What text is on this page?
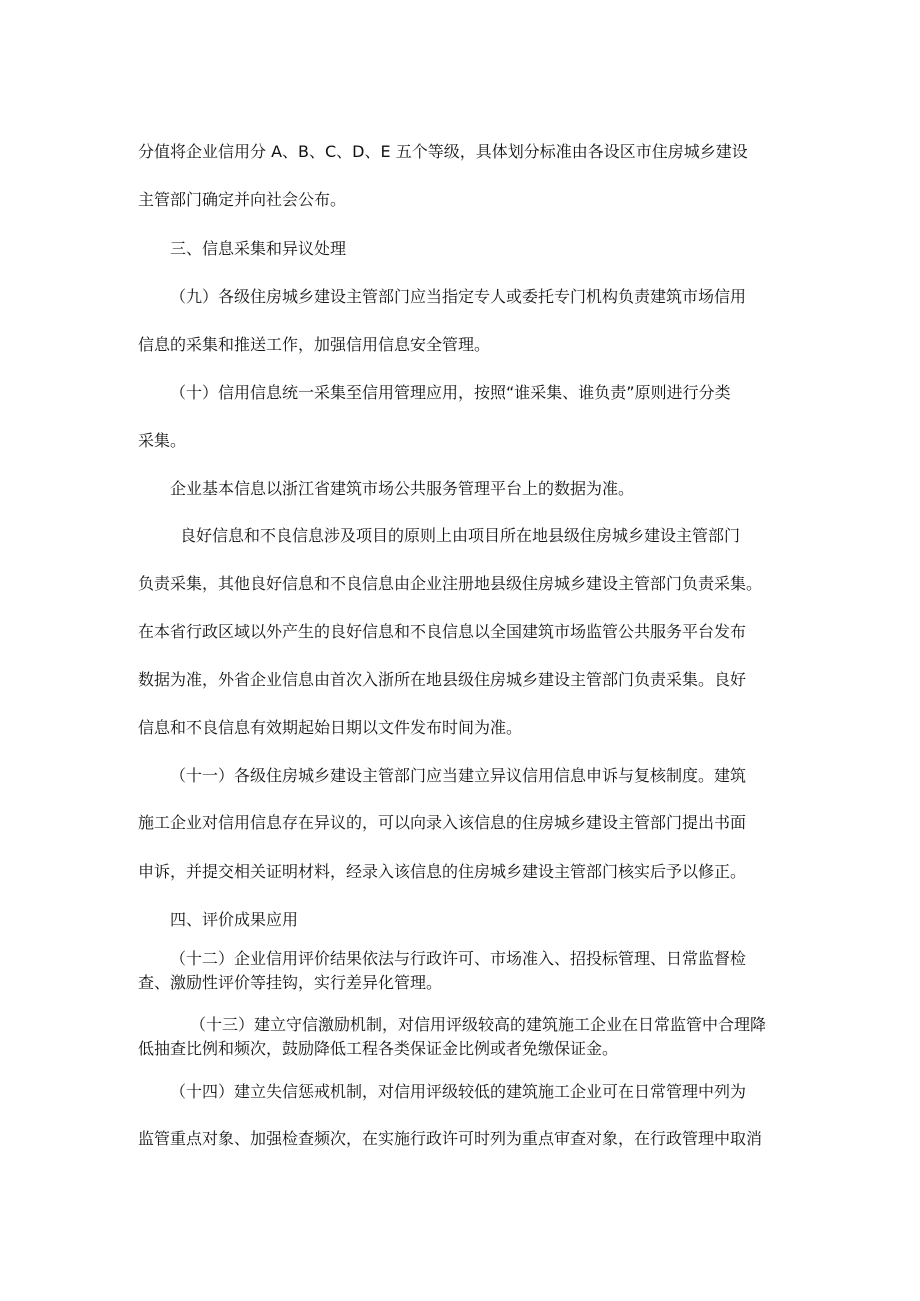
分值将企业信用分 A、B、C、D、E 五个等级，具体划分标准由各设区市住房城乡建设
主管部门确定并向社会公布。
三、信息采集和异议处理
（九）各级住房城乡建设主管部门应当指定专人或委托专门机构负责建筑市场信用
信息的采集和推送工作，加强信用信息安全管理。
（十）信用信息统一采集至信用管理应用，按照“谁采集、谁负责”原则进行分类
采集。
企业基本信息以浙江省建筑市场公共服务管理平台上的数据为准。
良好信息和不良信息涉及项目的原则上由项目所在地县级住房城乡建设主管部门
负责采集，其他良好信息和不良信息由企业注册地县级住房城乡建设主管部门负责采集。
在本省行政区域以外产生的良好信息和不良信息以全国建筑市场监管公共服务平台发布
数据为准，外省企业信息由首次入浙所在地县级住房城乡建设主管部门负责采集。良好
信息和不良信息有效期起始日期以文件发布时间为准。
（十一）各级住房城乡建设主管部门应当建立异议信用信息申诉与复核制度。建筑
施工企业对信用信息存在异议的，可以向录入该信息的住房城乡建设主管部门提出书面
申诉，并提交相关证明材料，经录入该信息的住房城乡建设主管部门核实后予以修正。
四、评价成果应用
（十二）企业信用评价结果依法与行政许可、市场准入、招投标管理、日常监督检
查、激励性评价等挂钩，实行差异化管理。
（十三）建立守信激励机制，对信用评级较高的建筑施工企业在日常监管中合理降
低抽查比例和频次，鼓励降低工程各类保证金比例或者免缴保证金。
（十四）建立失信惩戒机制，对信用评级较低的建筑施工企业可在日常管理中列为
监管重点对象、加强检查频次，在实施行政许可时列为重点审查对象，在行政管理中取消
